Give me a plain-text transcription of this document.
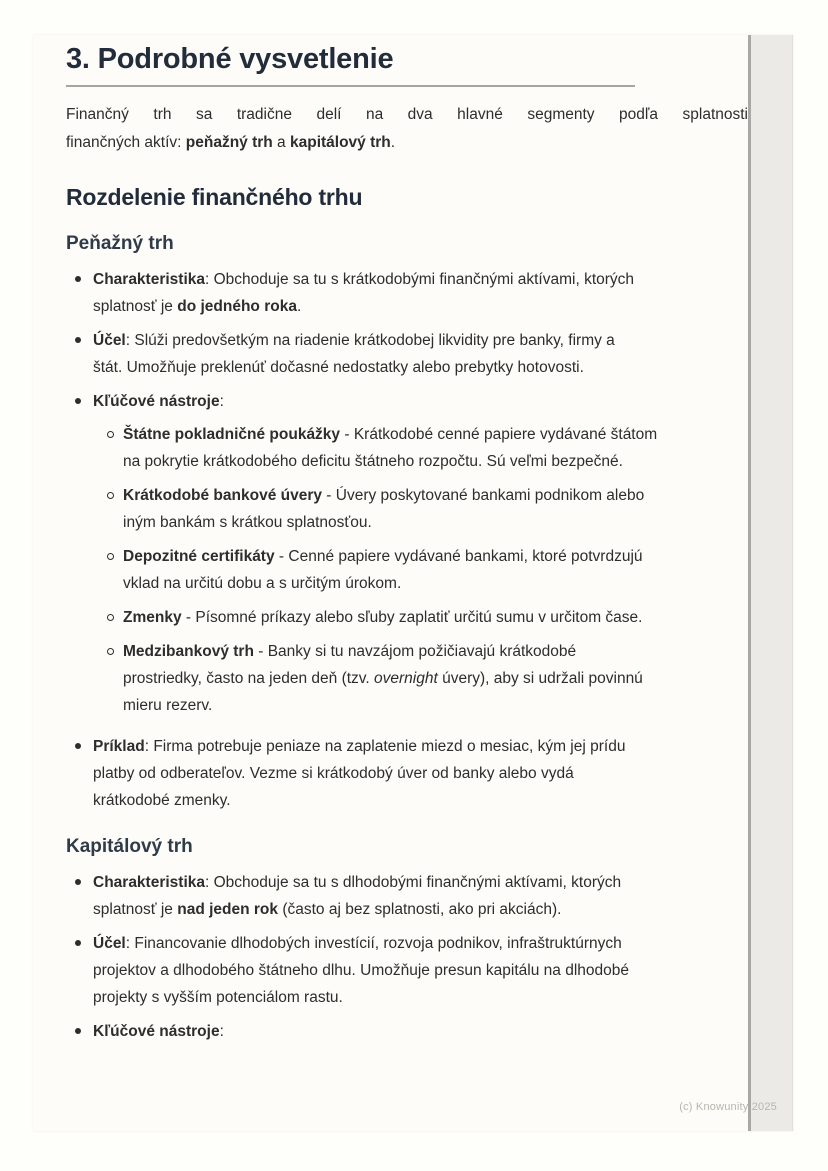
3. Podrobné vysvetlenie

Finančný trh sa tradične delí na dva hlavné segmenty podľa splatnosti
finančných aktív: peňažný trh a kapitálový trh.

Rozdelenie finančného trhu
Peňažný trh
Charakteristika: Obchoduje sa tu s krátkodobými finančnými aktívami, ktorých splatnosť je do jedného roka.
Účel: Slúži predovšetkým na riadenie krátkodobej likvidity pre banky, firmy a štát. Umožňuje preklenúť dočasné nedostatky alebo prebytky hotovosti.
Kľúčové nástroje:
Štátne pokladničné poukážky - Krátkodobé cenné papiere vydávané štátom na pokrytie krátkodobého deficitu štátneho rozpočtu. Sú veľmi bezpečné.
Krátkodobé bankové úvery - Úvery poskytované bankami podnikom alebo iným bankám s krátkou splatnosťou.
Depozitné certifikáty - Cenné papiere vydávané bankami, ktoré potvrdzujú vklad na určitú dobu a s určitým úrokom.
Zmenky - Písomné príkazy alebo sľuby zaplatiť určitú sumu v určitom čase.
Medzibankový trh - Banky si tu navzájom požičiavajú krátkodobé prostriedky, často na jeden deň (tzv. overnight úvery), aby si udržali povinnú mieru rezerv.
Príklad: Firma potrebuje peniaze na zaplatenie miezd o mesiac, kým jej prídu platby od odberateľov. Vezme si krátkodobý úver od banky alebo vydá krátkodobé zmenky.
Kapitálový trh
Charakteristika: Obchoduje sa tu s dlhodobými finančnými aktívami, ktorých splatnosť je nad jeden rok (často aj bez splatnosti, ako pri akciách).
Účel: Financovanie dlhodobých investícií, rozvoja podnikov, infraštruktúrnych projektov a dlhodobého štátneho dlhu. Umožňuje presun kapitálu na dlhodobé projekty s vyšším potenciálom rastu.
Kľúčové nástroje:
(c) Knowunity 2025
